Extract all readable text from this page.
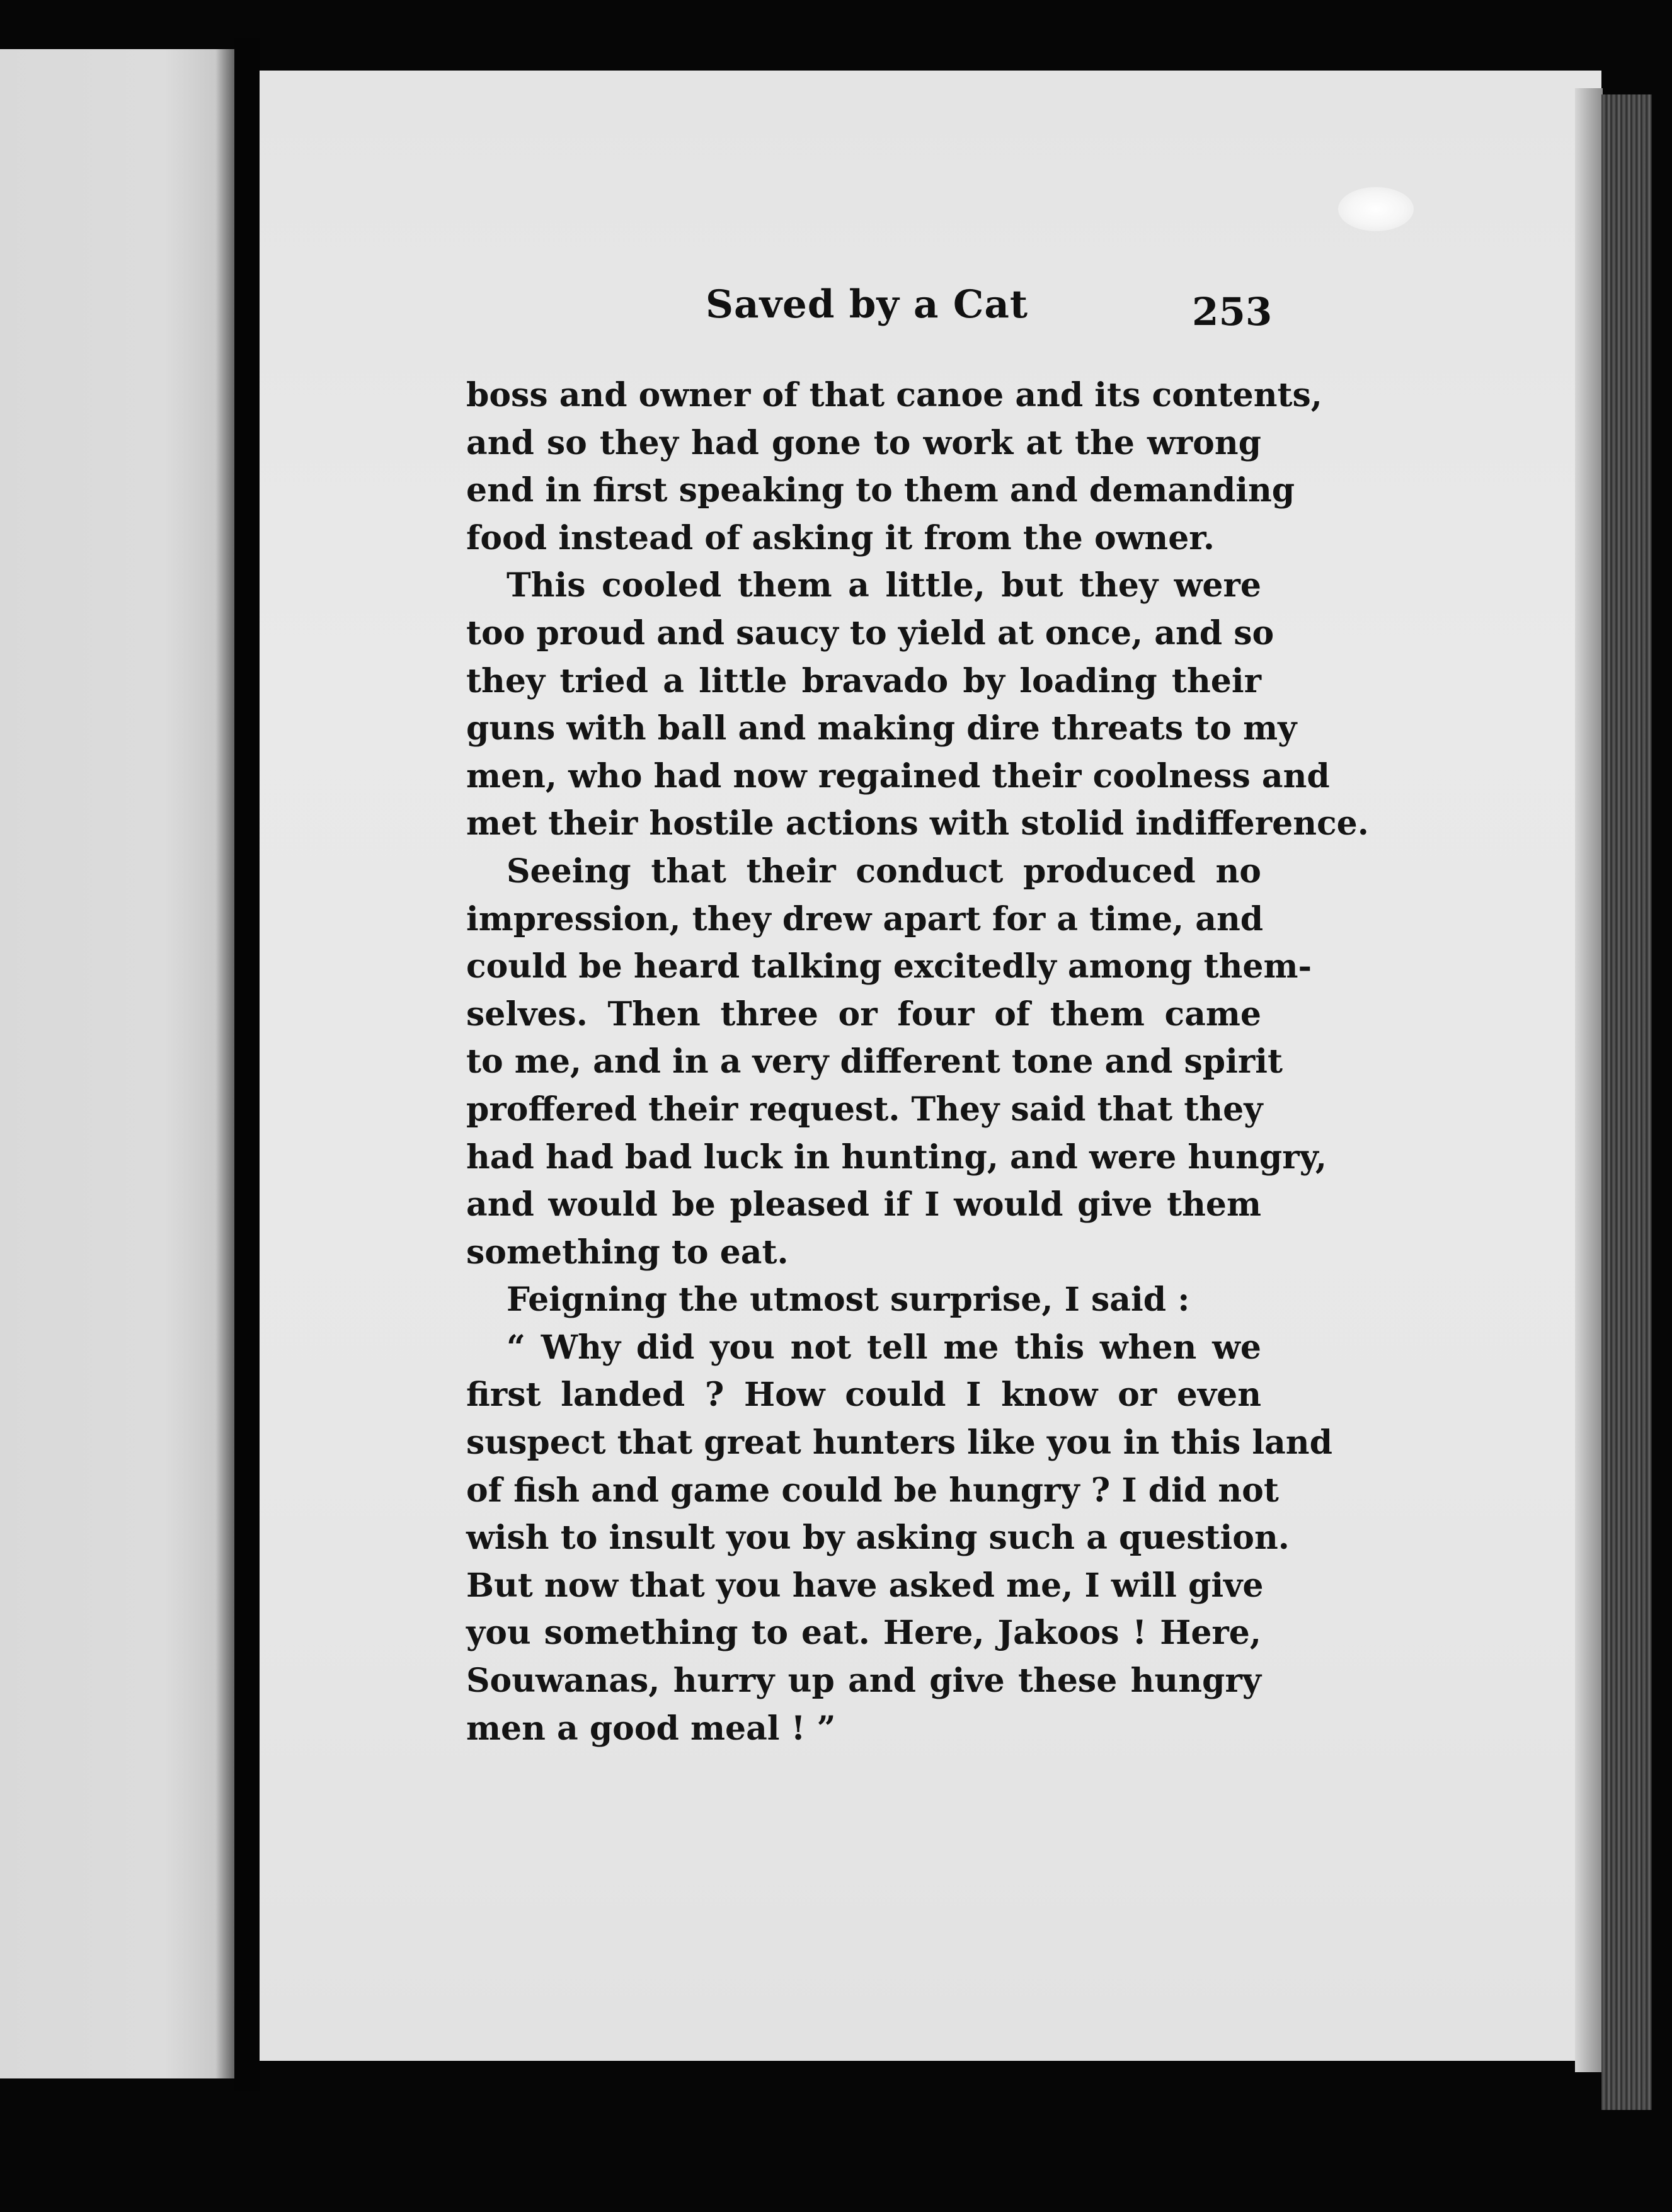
Saved by a Cat	253
boss and owner of that canoe and its contents,
and so they had gone to work at the wrong
end in first speaking to them and demanding
food instead of asking it from the owner.
This cooled them a little, but they were
too proud and saucy to yield at once, and so
they tried a little bravado by loading their
guns with ball and making dire threats to my
men, who had now regained their coolness and
met their hostile actions with stolid indifference.
Seeing that their conduct produced no
impression, they drew apart for a time, and
could be heard talking excitedly among them-
selves. Then three or four of them came
to me, and in a very different tone and spirit
proffered their request. They said that they
had had bad luck in hunting, and were hungry,
and would be pleased if I would give them
something to eat.
Feigning the utmost surprise, I said :
“ Why did you not tell me this when we
first landed ? How could I know or even
suspect that great hunters like you in this land
of fish and game could be hungry ? I did not
wish to insult you by asking such a question.
But now that you have asked me, I will give
you something to eat. Here, Jakoos ! Here,
Souwanas, hurry up and give these hungry
men a good meal ! ”
